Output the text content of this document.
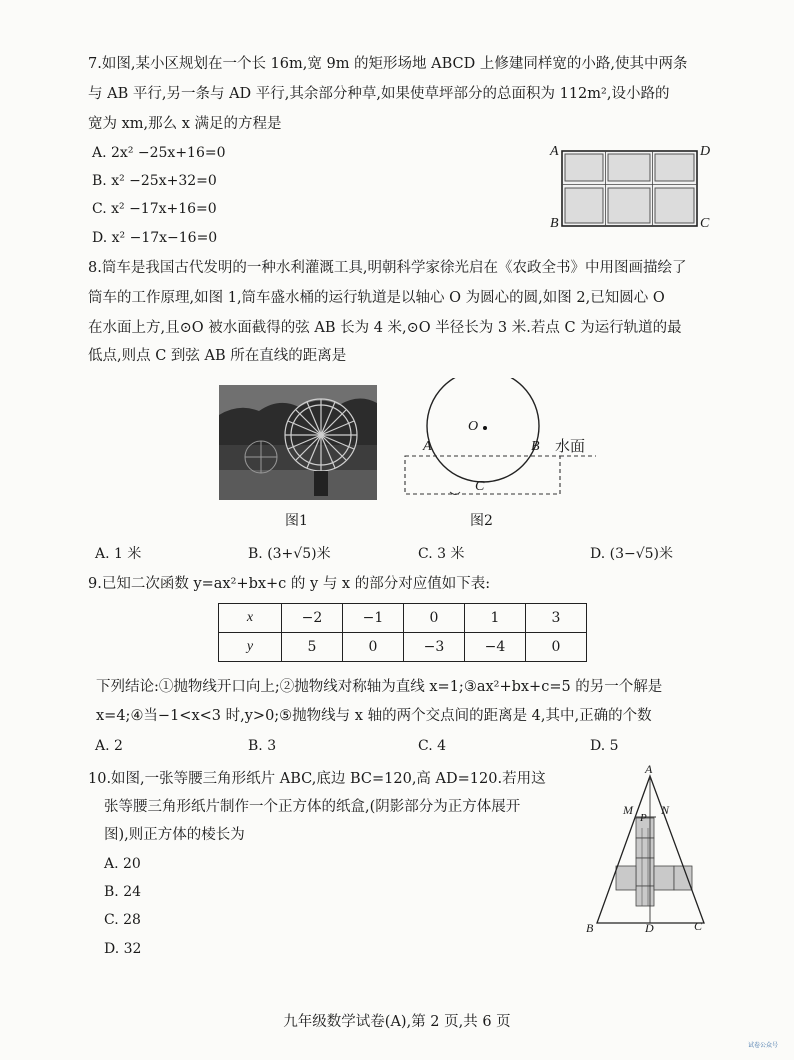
7.如图,某小区规划在一个长 16m,宽 9m 的矩形场地 ABCD 上修建同样宽的小路,使其中两条
与 AB 平行,另一条与 AD 平行,其余部分种草,如果使草坪部分的总面积为 112m²,设小路的
宽为 xm,那么 x 满足的方程是
A. 2x² −25x+16=0
B. x² −25x+32=0
C. x² −17x+16=0
D. x² −17x−16=0
A	D
B	C
8.筒车是我国古代发明的一种水利灌溉工具,明朝科学家徐光启在《农政全书》中用图画描绘了
筒车的工作原理,如图 1,筒车盛水桶的运行轨道是以轴心 O 为圆心的圆,如图 2,已知圆心 O
在水面上方,且⊙O 被水面截得的弦 AB 长为 4 米,⊙O 半径长为 3 米.若点 C 为运行轨道的最
低点,则点 C 到弦 AB 所在直线的距离是
图1
O
A	B
C
水面
图2
A. 1 米	B. (3+√5)米	C. 3 米	D. (3−√5)米
9.已知二次函数 y=ax²+bx+c 的 y 与 x 的部分对应值如下表:
x	−2	−1	0	1	3
y	5	0	−3	−4	0
下列结论:①抛物线开口向上;②抛物线对称轴为直线 x=1;③ax²+bx+c=5 的另一个解是
x=4;④当−1<x<3 时,y>0;⑤抛物线与 x 轴的两个交点间的距离是 4,其中,正确的个数
A. 2	B. 3	C. 4	D. 5
10.如图,一张等腰三角形纸片 ABC,底边 BC=120,高 AD=120.若用这
张等腰三角形纸片制作一个正方体的纸盒,(阴影部分为正方体展开
图),则正方体的棱长为
A. 20
B. 24
C. 28
D. 32
A
M N
P
B	D	C
九年级数学试卷(A),第 2 页,共 6 页
试卷公众号
